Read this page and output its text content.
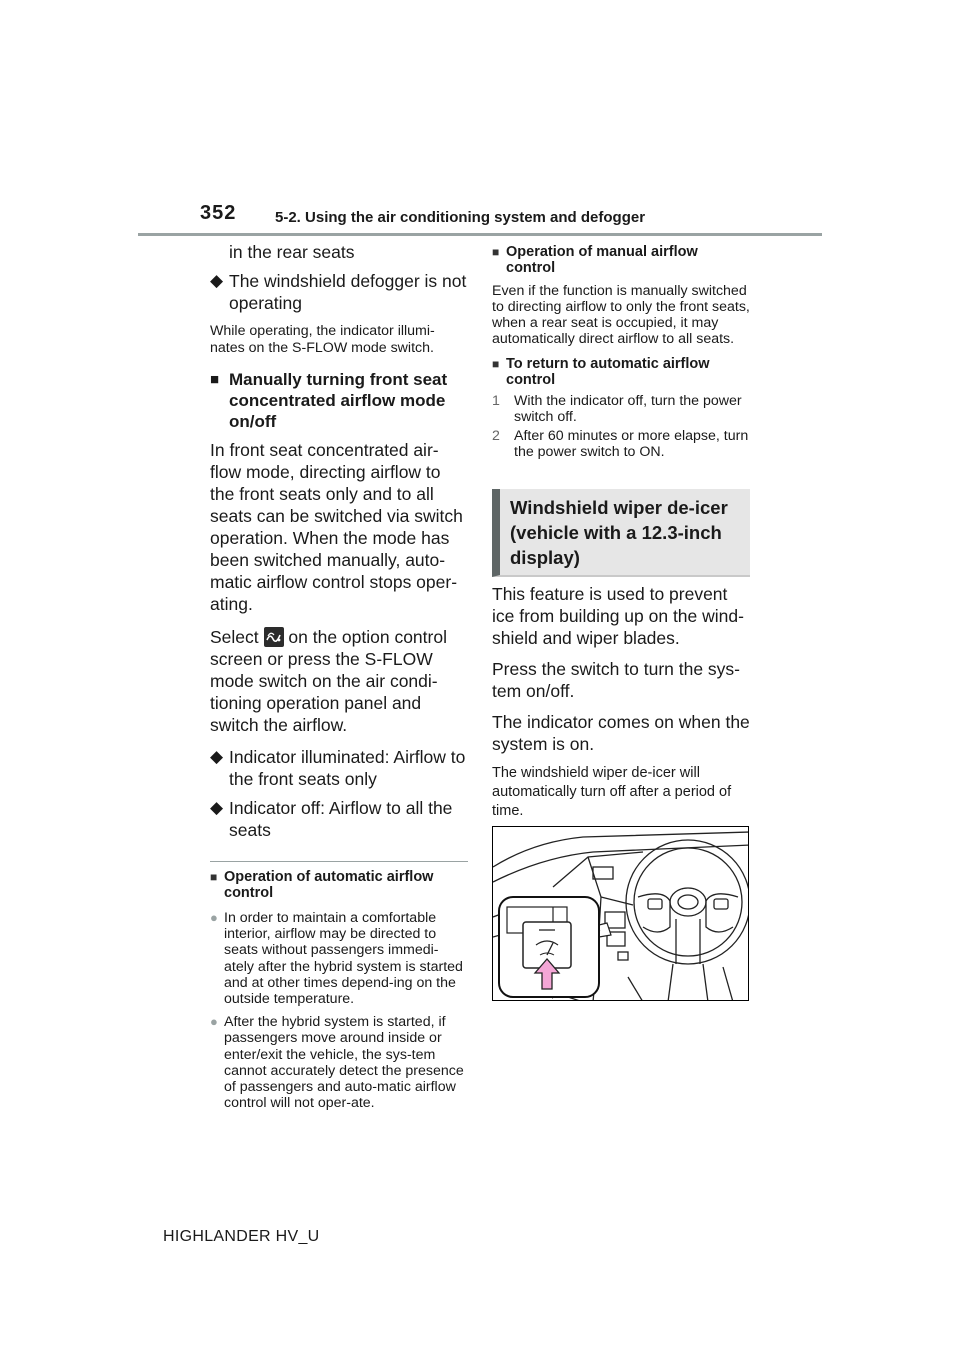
352	5-2. Using the air conditioning system and defogger

in the rear seats

◆ The windshield defogger is not operating

While operating, the indicator illumi-nates on the S-FLOW mode switch.

■ Manually turning front seat concentrated airflow mode on/off

In front seat concentrated air-flow mode, directing airflow to the front seats only and to all seats can be switched via switch operation. When the mode has been switched manually, auto-matic airflow control stops oper-ating.

Select on the option control screen or press the S-FLOW mode switch on the air condi-tioning operation panel and switch the airflow.

◆ Indicator illuminated: Airflow to the front seats only
◆ Indicator off: Airflow to all the seats
■ Operation of automatic airflow control
● In order to maintain a comfortable interior, airflow may be directed to seats without passengers immedi-ately after the hybrid system is started and at other times depend-ing on the outside temperature.
● After the hybrid system is started, if passengers move around inside or enter/exit the vehicle, the sys-tem cannot accurately detect the presence of passengers and auto-matic airflow control will not oper-ate.
■ Operation of manual airflow control

Even if the function is manually switched to directing airflow to only the front seats, when a rear seat is occupied, it may automatically direct airflow to all seats.

■ To return to automatic airflow control
1 With the indicator off, turn the power switch off.
2 After 60 minutes or more elapse, turn the power switch to ON.
Windshield wiper de-icer (vehicle with a 12.3-inch display)

This feature is used to prevent ice from building up on the wind-shield and wiper blades.

Press the switch to turn the sys-tem on/off.

The indicator comes on when the system is on.

The windshield wiper de-icer will automatically turn off after a period of time.

HIGHLANDER HV_U
